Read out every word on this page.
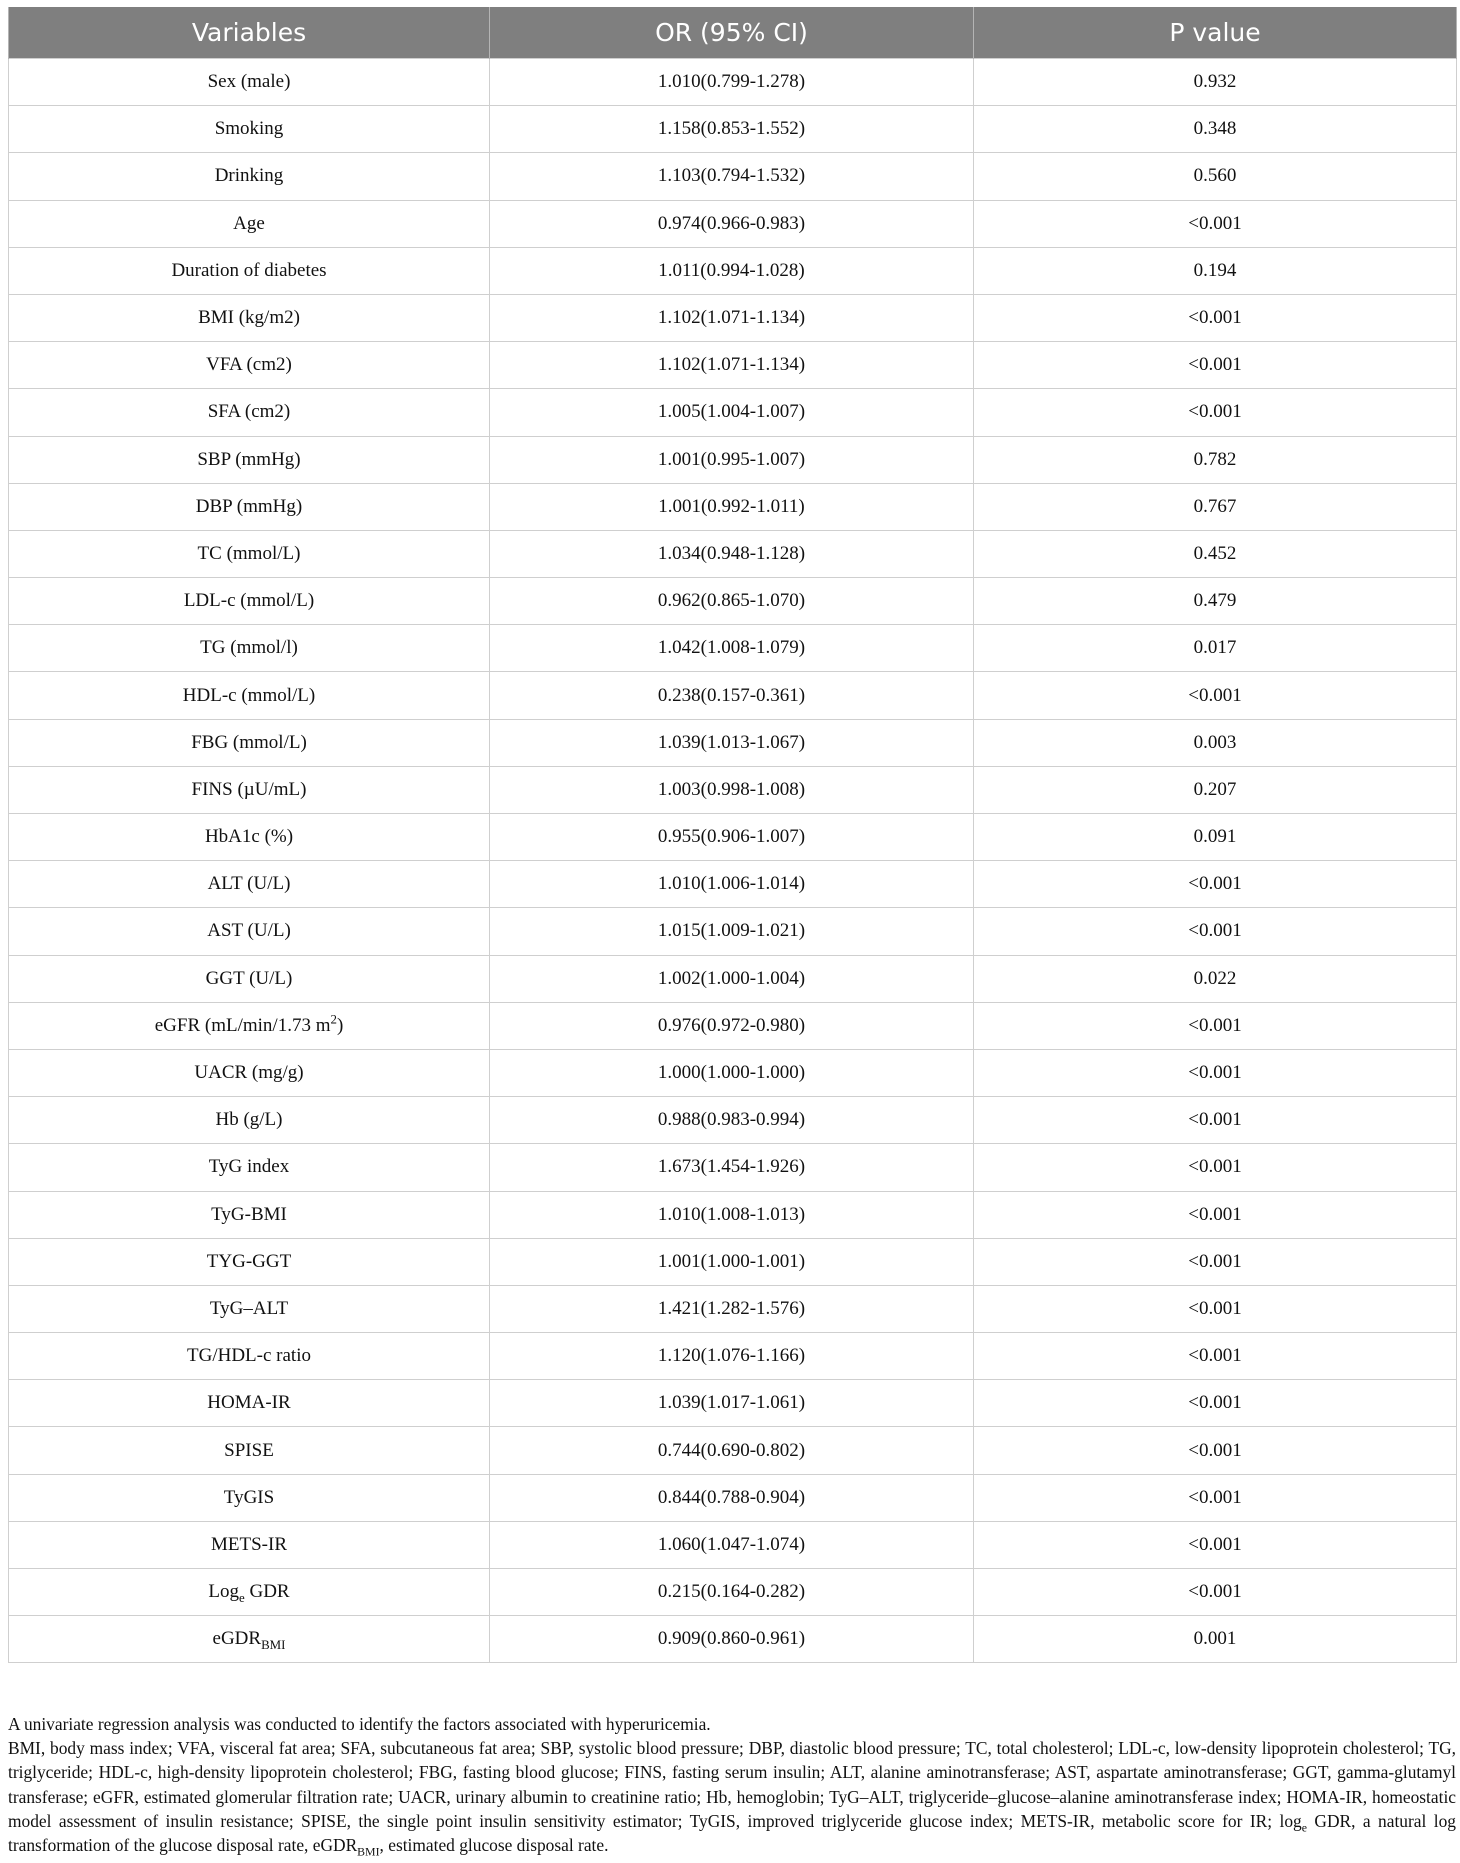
Variables	OR (95% CI)	P value
Sex (male)	1.010(0.799-1.278)	0.932
Smoking	1.158(0.853-1.552)	0.348
Drinking	1.103(0.794-1.532)	0.560
Age	0.974(0.966-0.983)	<0.001
Duration of diabetes	1.011(0.994-1.028)	0.194
BMI (kg/m2)	1.102(1.071-1.134)	<0.001
VFA (cm2)	1.102(1.071-1.134)	<0.001
SFA (cm2)	1.005(1.004-1.007)	<0.001
SBP (mmHg)	1.001(0.995-1.007)	0.782
DBP (mmHg)	1.001(0.992-1.011)	0.767
TC (mmol/L)	1.034(0.948-1.128)	0.452
LDL-c (mmol/L)	0.962(0.865-1.070)	0.479
TG (mmol/l)	1.042(1.008-1.079)	0.017
HDL-c (mmol/L)	0.238(0.157-0.361)	<0.001
FBG (mmol/L)	1.039(1.013-1.067)	0.003
FINS (µU/mL)	1.003(0.998-1.008)	0.207
HbA1c (%)	0.955(0.906-1.007)	0.091
ALT (U/L)	1.010(1.006-1.014)	<0.001
AST (U/L)	1.015(1.009-1.021)	<0.001
GGT (U/L)	1.002(1.000-1.004)	0.022
eGFR (mL/min/1.73 $m^2$)	0.976(0.972-0.980)	<0.001
UACR (mg/g)	1.000(1.000-1.000)	<0.001
Hb (g/L)	0.988(0.983-0.994)	<0.001
TyG index	1.673(1.454-1.926)	<0.001
TyG-BMI	1.010(1.008-1.013)	<0.001
TYG-GGT	1.001(1.000-1.001)	<0.001
TyG–ALT	1.421(1.282-1.576)	<0.001
TG/HDL-c ratio	1.120(1.076-1.166)	<0.001
HOMA-IR	1.039(1.017-1.061)	<0.001
SPISE	0.744(0.690-0.802)	<0.001
TyGIS	0.844(0.788-0.904)	<0.001
METS-IR	1.060(1.047-1.074)	<0.001
Log$_e$ GDR	0.215(0.164-0.282)	<0.001
eGDR$_{BMI}$	0.909(0.860-0.961)	0.001

A univariate regression analysis was conducted to identify the factors associated with hyperuricemia.

BMI, body mass index; VFA, visceral fat area; SFA, subcutaneous fat area; SBP, systolic blood pressure; DBP, diastolic blood pressure; TC, total cholesterol; LDL-c, low-density lipoprotein cholesterol; TG, triglyceride; HDL-c, high-density lipoprotein cholesterol; FBG, fasting blood glucose; FINS, fasting serum insulin; ALT, alanine aminotransferase; AST, aspartate aminotransferase; GGT, gamma-glutamyl transferase; eGFR, estimated glomerular filtration rate; UACR, urinary albumin to creatinine ratio; Hb, hemoglobin; TyG–ALT, triglyceride–glucose–alanine aminotransferase index; HOMA-IR, homeostatic model assessment of insulin resistance; SPISE, the single point insulin sensitivity estimator; TyGIS, improved triglyceride glucose index; METS-IR, metabolic score for IR; $\log_e$ GDR, a natural log transformation of the glucose disposal rate, eGDR$_{BMI}$, estimated glucose disposal rate.
